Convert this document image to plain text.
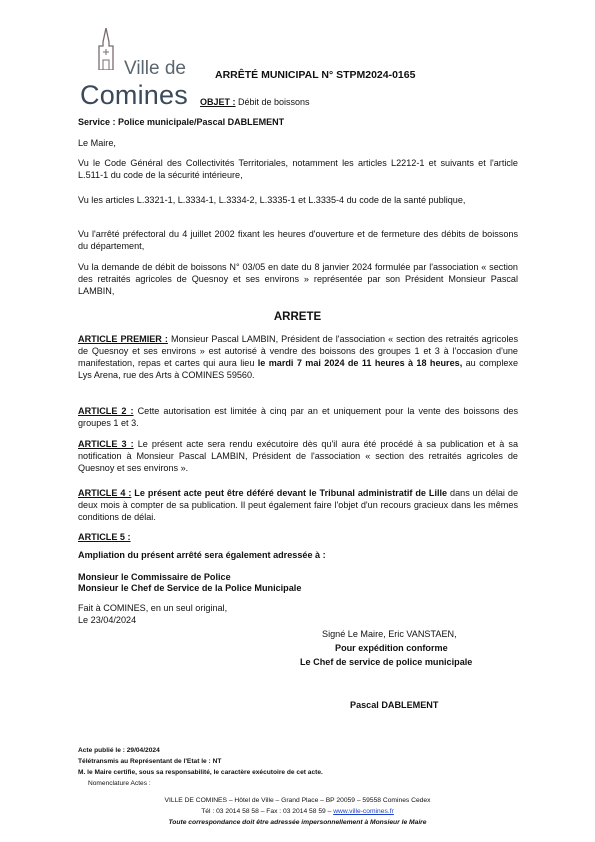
Ville de
Comines
ARRÊTÉ MUNICIPAL N° STPM2024-0165
OBJET : Débit de boissons
Service : Police municipale/Pascal DABLEMENT
Le Maire,

Vu le Code Général des Collectivités Territoriales, notamment les articles L2212-1 et suivants et l'article L.511-1 du code de la sécurité intérieure,

Vu les articles L.3321-1, L.3334-1, L.3334-2, L.3335-1 et L.3335-4 du code de la santé publique,

Vu l'arrêté préfectoral du 4 juillet 2002 fixant les heures d'ouverture et de fermeture des débits de boissons du département,

Vu la demande de débit de boissons N° 03/05 en date du 8 janvier 2024 formulée par l'association « section des retraités agricoles de Quesnoy et ses environs » représentée par son Président Monsieur Pascal LAMBIN,

ARRETE

ARTICLE PREMIER : Monsieur Pascal LAMBIN, Président de l'association « section des retraités agricoles de Quesnoy et ses environs » est autorisé à vendre des boissons des groupes 1 et 3 à l'occasion d'une manifestation, repas et cartes qui aura lieu le mardi 7 mai 2024 de 11 heures à 18 heures, au complexe Lys Arena, rue des Arts à COMINES 59560.

ARTICLE 2 : Cette autorisation est limitée à cinq par an et uniquement pour la vente des boissons des groupes 1 et 3.

ARTICLE 3 : Le présent acte sera rendu exécutoire dès qu'il aura été procédé à sa publication et à sa notification à Monsieur Pascal LAMBIN, Président de l'association « section des retraités agricoles de Quesnoy et ses environs ».

ARTICLE 4 : Le présent acte peut être déféré devant le Tribunal administratif de Lille dans un délai de deux mois à compter de sa publication. Il peut également faire l'objet d'un recours gracieux dans les mêmes conditions de délai.

ARTICLE 5 :
Ampliation du présent arrêté sera également adressée à :
Monsieur le Commissaire de Police
Monsieur le Chef de Service de la Police Municipale
Fait à COMINES, en un seul original,
Le 23/04/2024
Signé Le Maire, Eric VANSTAEN,
Pour expédition conforme
Le Chef de service de police municipale
Pascal DABLEMENT
Acte publié le : 29/04/2024
Télétransmis au Représentant de l'Etat le : NT
M. le Maire certifie, sous sa responsabilité, le caractère exécutoire de cet acte.
Nomenclature Actes :
VILLE DE COMINES – Hôtel de Ville – Grand Place – BP 20059 – 59558 Comines Cedex
Tél : 03 2014 58 58 – Fax : 03 2014 58 59 – www.ville-comines.fr
Toute correspondance doit être adressée impersonnellement à Monsieur le Maire
